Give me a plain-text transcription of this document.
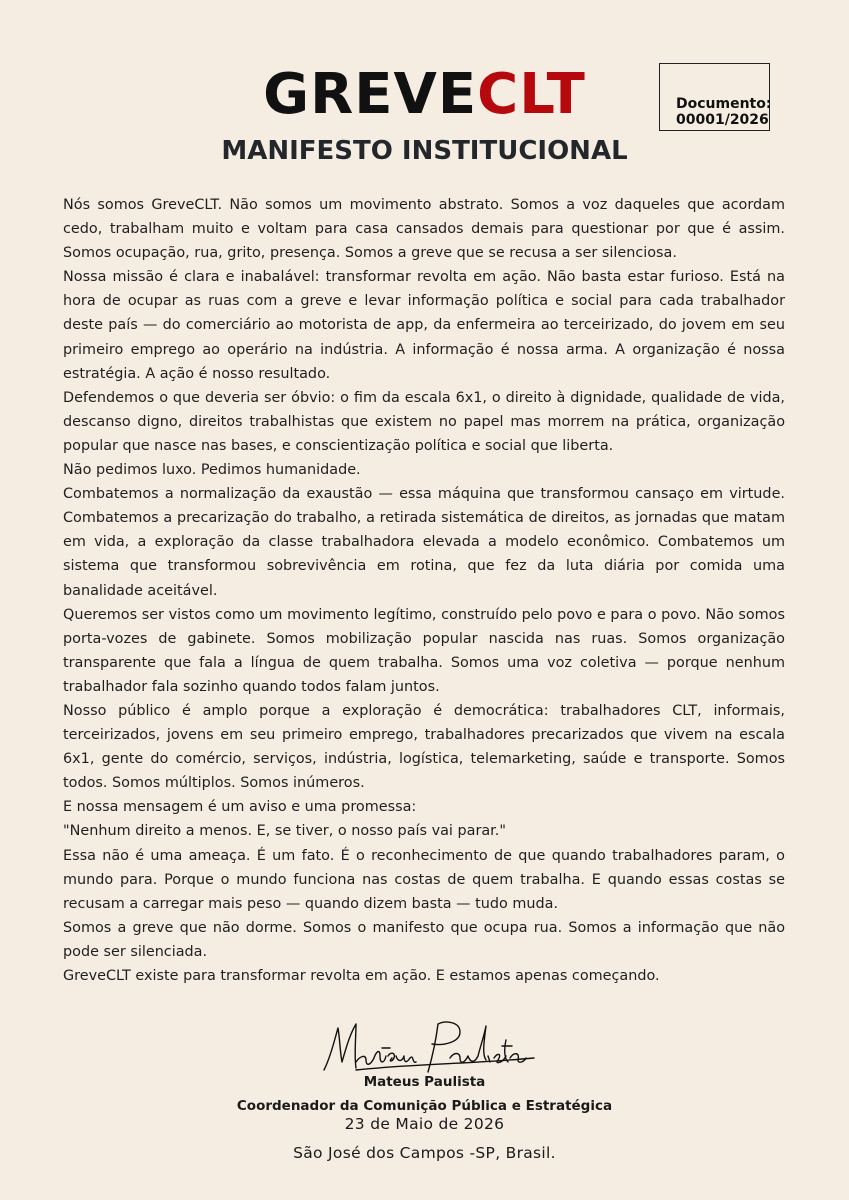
GREVECLT
MANIFESTO INSTITUCIONAL
Documento:
00001/2026

Nós somos GreveCLT. Não somos um movimento abstrato. Somos a voz daqueles que acordam cedo, trabalham muito e voltam para casa cansados demais para questionar por que é assim. Somos ocupação, rua, grito, presença. Somos a greve que se recusa a ser silenciosa.

Nossa missão é clara e inabalável: transformar revolta em ação. Não basta estar furioso. Está na hora de ocupar as ruas com a greve e levar informação política e social para cada trabalhador deste país — do comerciário ao motorista de app, da enfermeira ao terceirizado, do jovem em seu primeiro emprego ao operário na indústria. A informação é nossa arma. A organização é nossa estratégia. A ação é nosso resultado.

Defendemos o que deveria ser óbvio: o fim da escala 6x1, o direito à dignidade, qualidade de vida, descanso digno, direitos trabalhistas que existem no papel mas morrem na prática, organização popular que nasce nas bases, e conscientização política e social que liberta.

Não pedimos luxo. Pedimos humanidade.

Combatemos a normalização da exaustão — essa máquina que transformou cansaço em virtude. Combatemos a precarização do trabalho, a retirada sistemática de direitos, as jornadas que matam em vida, a exploração da classe trabalhadora elevada a modelo econômico. Combatemos um sistema que transformou sobrevivência em rotina, que fez da luta diária por comida uma banalidade aceitável.

Queremos ser vistos como um movimento legítimo, construído pelo povo e para o povo. Não somos porta-vozes de gabinete. Somos mobilização popular nascida nas ruas. Somos organização transparente que fala a língua de quem trabalha. Somos uma voz coletiva — porque nenhum trabalhador fala sozinho quando todos falam juntos.

Nosso público é amplo porque a exploração é democrática: trabalhadores CLT, informais, terceirizados, jovens em seu primeiro emprego, trabalhadores precarizados que vivem na escala 6x1, gente do comércio, serviços, indústria, logística, telemarketing, saúde e transporte. Somos todos. Somos múltiplos. Somos inúmeros.

E nossa mensagem é um aviso e uma promessa:

"Nenhum direito a menos. E, se tiver, o nosso país vai parar."

Essa não é uma ameaça. É um fato. É o reconhecimento de que quando trabalhadores param, o mundo para. Porque o mundo funciona nas costas de quem trabalha. E quando essas costas se recusam a carregar mais peso — quando dizem basta — tudo muda.

Somos a greve que não dorme. Somos o manifesto que ocupa rua. Somos a informação que não pode ser silenciada.

GreveCLT existe para transformar revolta em ação. E estamos apenas começando.

Mateus Paulista
Coordenador da Comunição Pública e Estratégica
23 de Maio de 2026
São José dos Campos -SP, Brasil.
